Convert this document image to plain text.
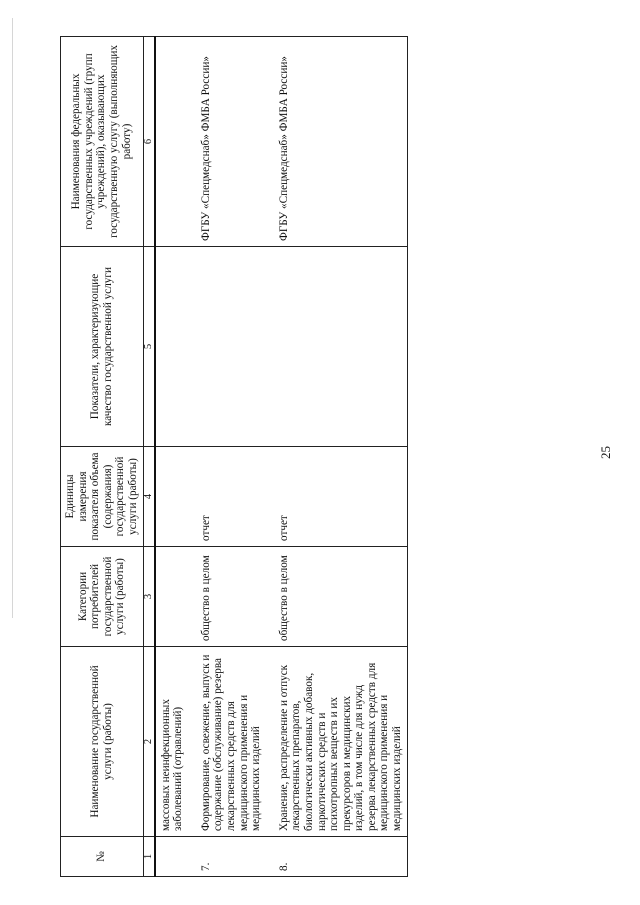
№	Наименование государственной услуги (работы)	Категории потребителей государственной услуги (работы)	Единицы измерения показателя объема (содержания) государственной услуги (работы)	Показатели, характеризующие качество государственной услуги	Наименования федеральных государственных учреждений (групп учреждений), оказывающих государственную услугу (выполняющих работу)
1	2	3	4	5	6
	массовых неинфекционных заболеваний (отравлений)				
7.	Формирование, освежение, выпуск и содержание (обслуживание) резерва лекарственных средств для медицинского применения и медицинских изделий	общество в целом	отчет		ФГБУ «Спецмедснаб» ФМБА России»
8.	Хранение, распределение и отпуск лекарственных препаратов, биологически активных добавок, наркотических средств и психотропных веществ и их прекурсоров и медицинских изделий, в том числе для нужд резерва лекарственных средств для медицинского применения и медицинских изделий	общество в целом	отчет		ФГБУ «Спецмедснаб» ФМБА России»
25
